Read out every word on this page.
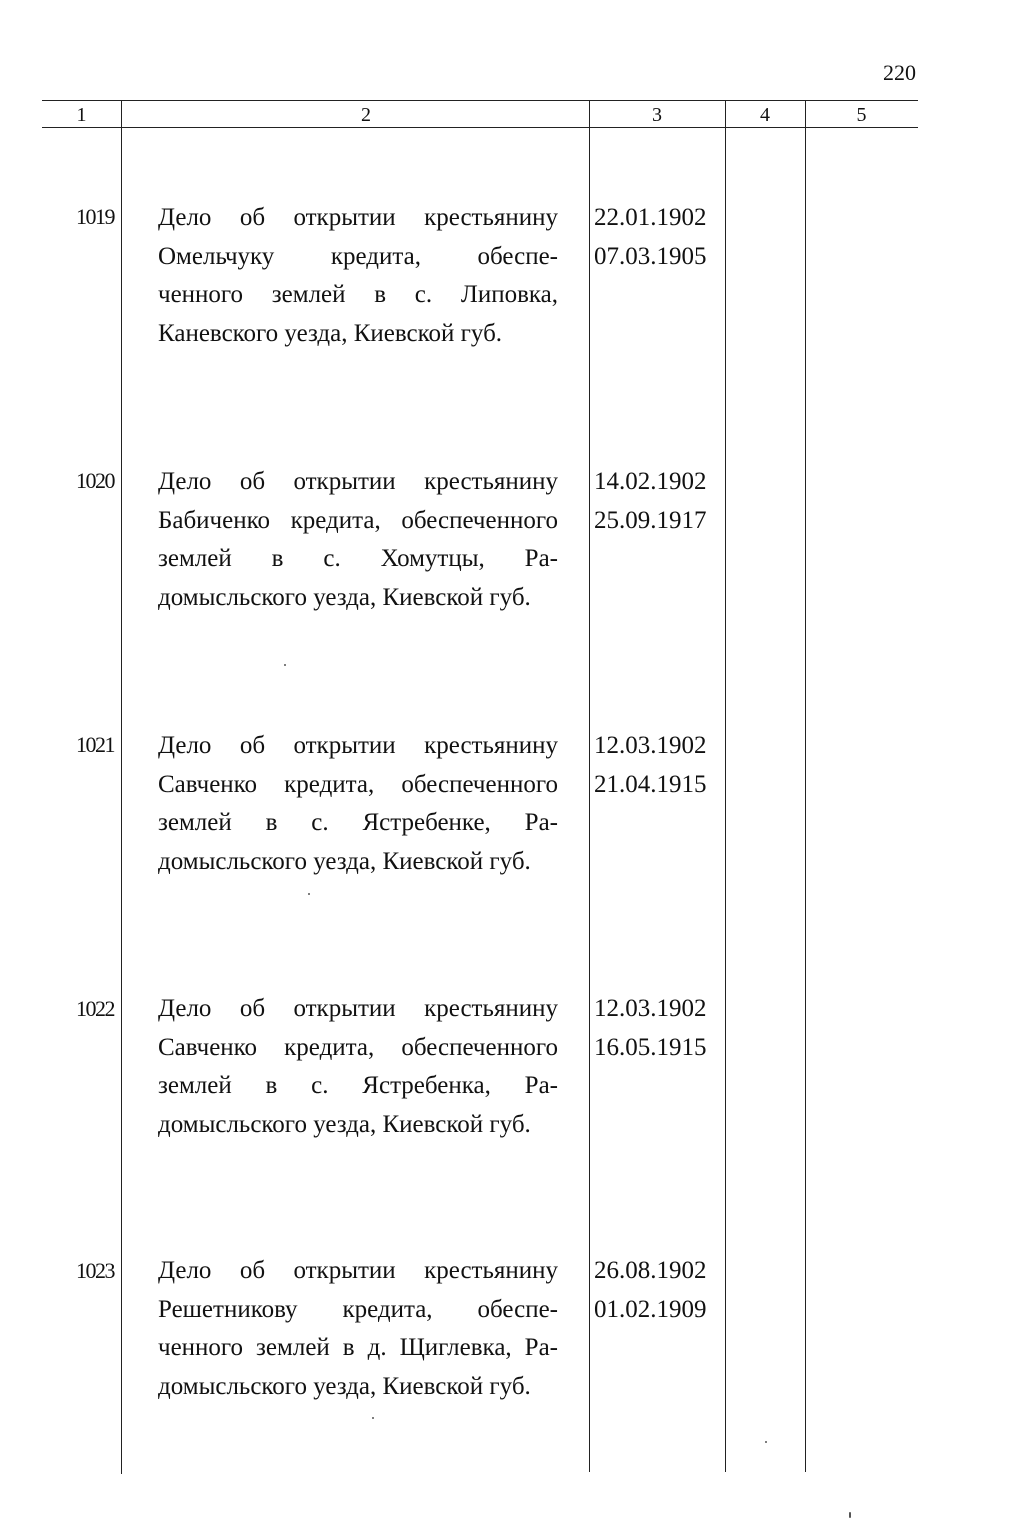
220
1	2	3	4	5
1019 Дело об открытии крестьянину
Омельчуку кредита, обеспе-
ченного землей в с. Липовка,
Каневского уезда, Киевской губ.
22.01.1902
07.03.1905
1020 Дело об открытии крестьянину
Бабиченко кредита, обеспеченного
землей в с. Хомутцы, Ра-
домысльского уезда, Киевской губ.
14.02.1902
25.09.1917
1021 Дело об открытии крестьянину
Савченко кредита, обеспеченного
землей в с. Ястребенке, Ра-
домысльского уезда, Киевской губ.
12.03.1902
21.04.1915
1022 Дело об открытии крестьянину
Савченко кредита, обеспеченного
землей в с. Ястребенка, Ра-
домысльского уезда, Киевской губ.
12.03.1902
16.05.1915
1023 Дело об открытии крестьянину
Решетникову кредита, обеспе-
ченного землей в д. Щиглевка, Ра-
домысльского уезда, Киевской губ.
26.08.1902
01.02.1909
